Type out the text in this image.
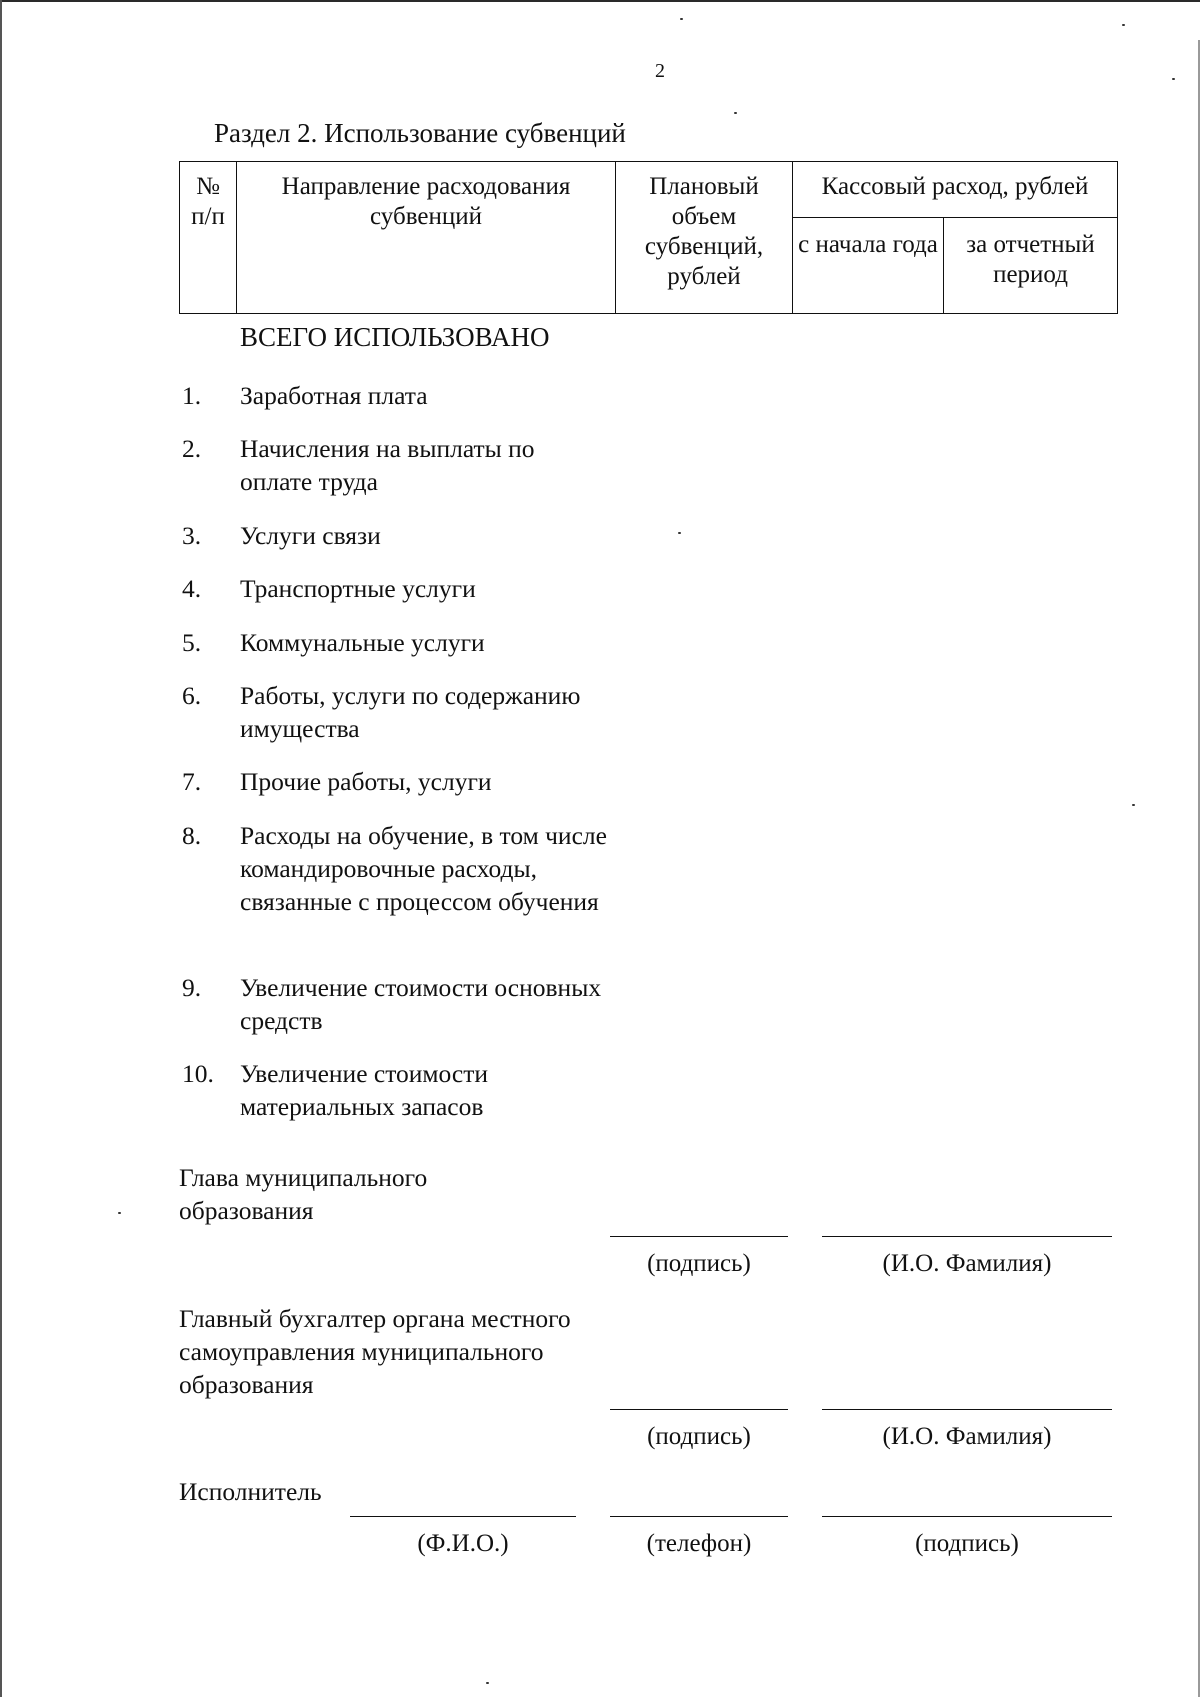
2
Раздел 2. Использование субвенций
№ п/п	Направление расходования субвенций	Плановый объем субвенций, рублей	Кассовый расход, рублей	
			с начала года	за отчетный период
ВСЕГО ИСПОЛЬЗОВАНО
1.	Заработная плата
2.	Начисления на выплаты по оплате труда
3.	Услуги связи
4.	Транспортные услуги
5.	Коммунальные услуги
6.	Работы, услуги по содержанию имущества
7.	Прочие работы, услуги
8.	Расходы на обучение, в том числе командировочные расходы, связанные с процессом обучения
9.	Увеличение стоимости основных средств
10.	Увеличение стоимости материальных запасов
Глава муниципального образования
(подпись)	(И.О. Фамилия)
Главный бухгалтер органа местного самоуправления муниципального образования
(подпись)	(И.О. Фамилия)
Исполнитель
(Ф.И.О.)	(телефон)	(подпись)
